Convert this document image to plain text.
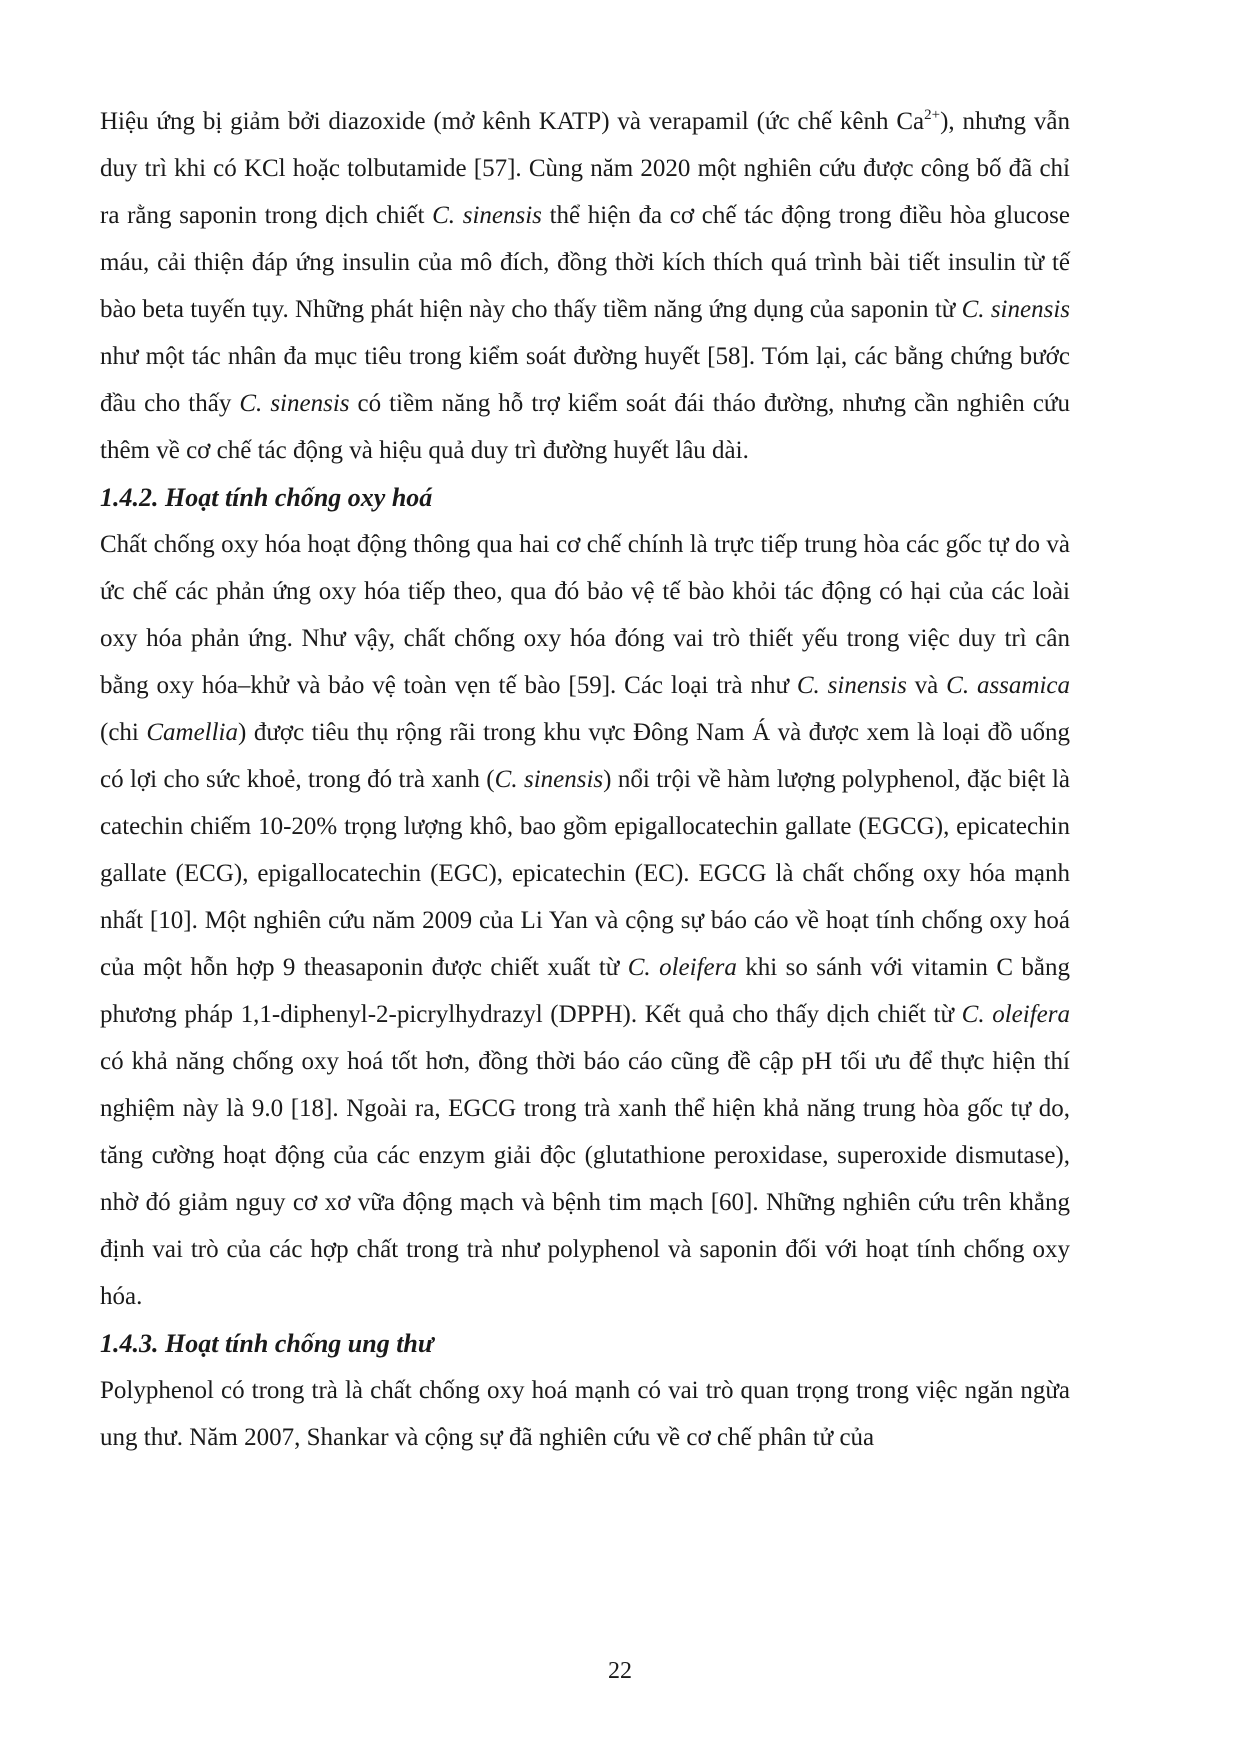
Hiệu ứng bị giảm bởi diazoxide (mở kênh KATP) và verapamil (ức chế kênh $Ca^{2+}$), nhưng vẫn duy trì khi có KCl hoặc tolbutamide [57]. Cùng năm 2020 một nghiên cứu được công bố đã chỉ ra rằng saponin trong dịch chiết C. sinensis thể hiện đa cơ chế tác động trong điều hòa glucose máu, cải thiện đáp ứng insulin của mô đích, đồng thời kích thích quá trình bài tiết insulin từ tế bào beta tuyến tụy. Những phát hiện này cho thấy tiềm năng ứng dụng của saponin từ C. sinensis như một tác nhân đa mục tiêu trong kiểm soát đường huyết [58]. Tóm lại, các bằng chứng bước đầu cho thấy C. sinensis có tiềm năng hỗ trợ kiểm soát đái tháo đường, nhưng cần nghiên cứu thêm về cơ chế tác động và hiệu quả duy trì đường huyết lâu dài.

1.4.2. Hoạt tính chống oxy hoá

Chất chống oxy hóa hoạt động thông qua hai cơ chế chính là trực tiếp trung hòa các gốc tự do và ức chế các phản ứng oxy hóa tiếp theo, qua đó bảo vệ tế bào khỏi tác động có hại của các loài oxy hóa phản ứng. Như vậy, chất chống oxy hóa đóng vai trò thiết yếu trong việc duy trì cân bằng oxy hóa–khử và bảo vệ toàn vẹn tế bào [59]. Các loại trà như C. sinensis và C. assamica (chi Camellia) được tiêu thụ rộng rãi trong khu vực Đông Nam Á và được xem là loại đồ uống có lợi cho sức khoẻ, trong đó trà xanh (C. sinensis) nổi trội về hàm lượng polyphenol, đặc biệt là catechin chiếm 10-20% trọng lượng khô, bao gồm epigallocatechin gallate (EGCG), epicatechin gallate (ECG), epigallocatechin (EGC), epicatechin (EC). EGCG là chất chống oxy hóa mạnh nhất [10]. Một nghiên cứu năm 2009 của Li Yan và cộng sự báo cáo về hoạt tính chống oxy hoá của một hỗn hợp 9 theasaponin được chiết xuất từ C. oleifera khi so sánh với vitamin C bằng phương pháp 1,1-diphenyl-2-picrylhydrazyl (DPPH). Kết quả cho thấy dịch chiết từ C. oleifera có khả năng chống oxy hoá tốt hơn, đồng thời báo cáo cũng đề cập pH tối ưu để thực hiện thí nghiệm này là 9.0 [18]. Ngoài ra, EGCG trong trà xanh thể hiện khả năng trung hòa gốc tự do, tăng cường hoạt động của các enzym giải độc (glutathione peroxidase, superoxide dismutase), nhờ đó giảm nguy cơ xơ vữa động mạch và bệnh tim mạch [60]. Những nghiên cứu trên khẳng định vai trò của các hợp chất trong trà như polyphenol và saponin đối với hoạt tính chống oxy hóa.

1.4.3. Hoạt tính chống ung thư

Polyphenol có trong trà là chất chống oxy hoá mạnh có vai trò quan trọng trong việc ngăn ngừa ung thư. Năm 2007, Shankar và cộng sự đã nghiên cứu về cơ chế phân tử của

22
